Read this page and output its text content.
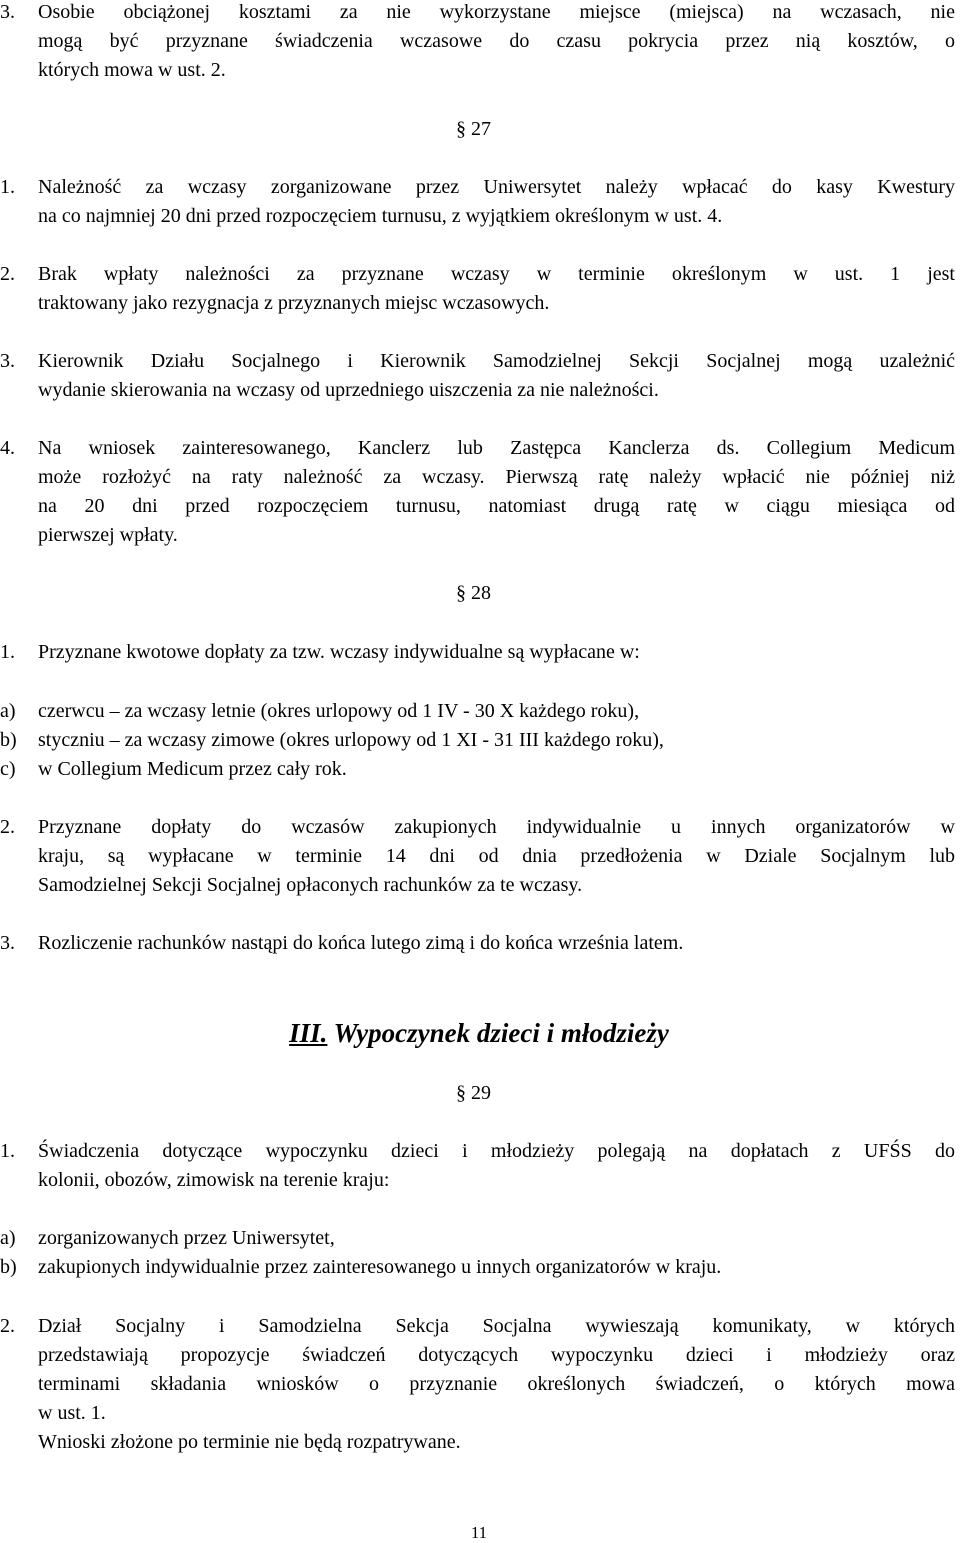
3.	Osobie obciążonej kosztami za nie wykorzystane miejsce (miejsca) na wczasach, nie
mogą być przyznane świadczenia wczasowe do czasu pokrycia przez nią kosztów, o
których mowa w ust. 2.
§ 27
1.	Należność za wczasy zorganizowane przez Uniwersytet należy wpłacać do kasy Kwestury
na co najmniej 20 dni przed rozpoczęciem turnusu, z wyjątkiem określonym w ust. 4.
2.	Brak wpłaty należności za przyznane wczasy w terminie określonym w ust. 1 jest
traktowany jako rezygnacja z przyznanych miejsc wczasowych.
3.	Kierownik Działu Socjalnego i Kierownik Samodzielnej Sekcji Socjalnej mogą uzależnić
wydanie skierowania na wczasy od uprzedniego uiszczenia za nie należności.
4.	Na wniosek zainteresowanego, Kanclerz lub Zastępca Kanclerza ds. Collegium Medicum
może rozłożyć na raty należność za wczasy. Pierwszą ratę należy wpłacić nie później niż
na 20 dni przed rozpoczęciem turnusu, natomiast drugą ratę w ciągu miesiąca od
pierwszej wpłaty.
§ 28
1.	Przyznane kwotowe dopłaty za tzw. wczasy indywidualne są wypłacane w:
a)	czerwcu – za wczasy letnie (okres urlopowy od 1 IV - 30 X każdego roku),
b)	styczniu – za wczasy zimowe (okres urlopowy od 1 XI - 31 III każdego roku),
c)	w Collegium Medicum przez cały rok.
2.	Przyznane dopłaty do wczasów zakupionych indywidualnie u innych organizatorów w
kraju, są wypłacane w terminie 14 dni od dnia przedłożenia w Dziale Socjalnym lub
Samodzielnej Sekcji Socjalnej opłaconych rachunków za te wczasy.
3.	Rozliczenie rachunków nastąpi do końca lutego zimą i do końca września latem.
III. Wypoczynek dzieci i młodzieży
§ 29
1.	Świadczenia dotyczące wypoczynku dzieci i młodzieży polegają na dopłatach z UFŚS do
kolonii, obozów, zimowisk na terenie kraju:
a)	zorganizowanych przez Uniwersytet,
b)	zakupionych indywidualnie przez zainteresowanego u innych organizatorów w kraju.
2.	Dział Socjalny i Samodzielna Sekcja Socjalna wywieszają komunikaty, w których
przedstawiają propozycje świadczeń dotyczących wypoczynku dzieci i młodzieży oraz
terminami składania wniosków o przyznanie określonych świadczeń, o których mowa
w ust. 1.
Wnioski złożone po terminie nie będą rozpatrywane.
11
